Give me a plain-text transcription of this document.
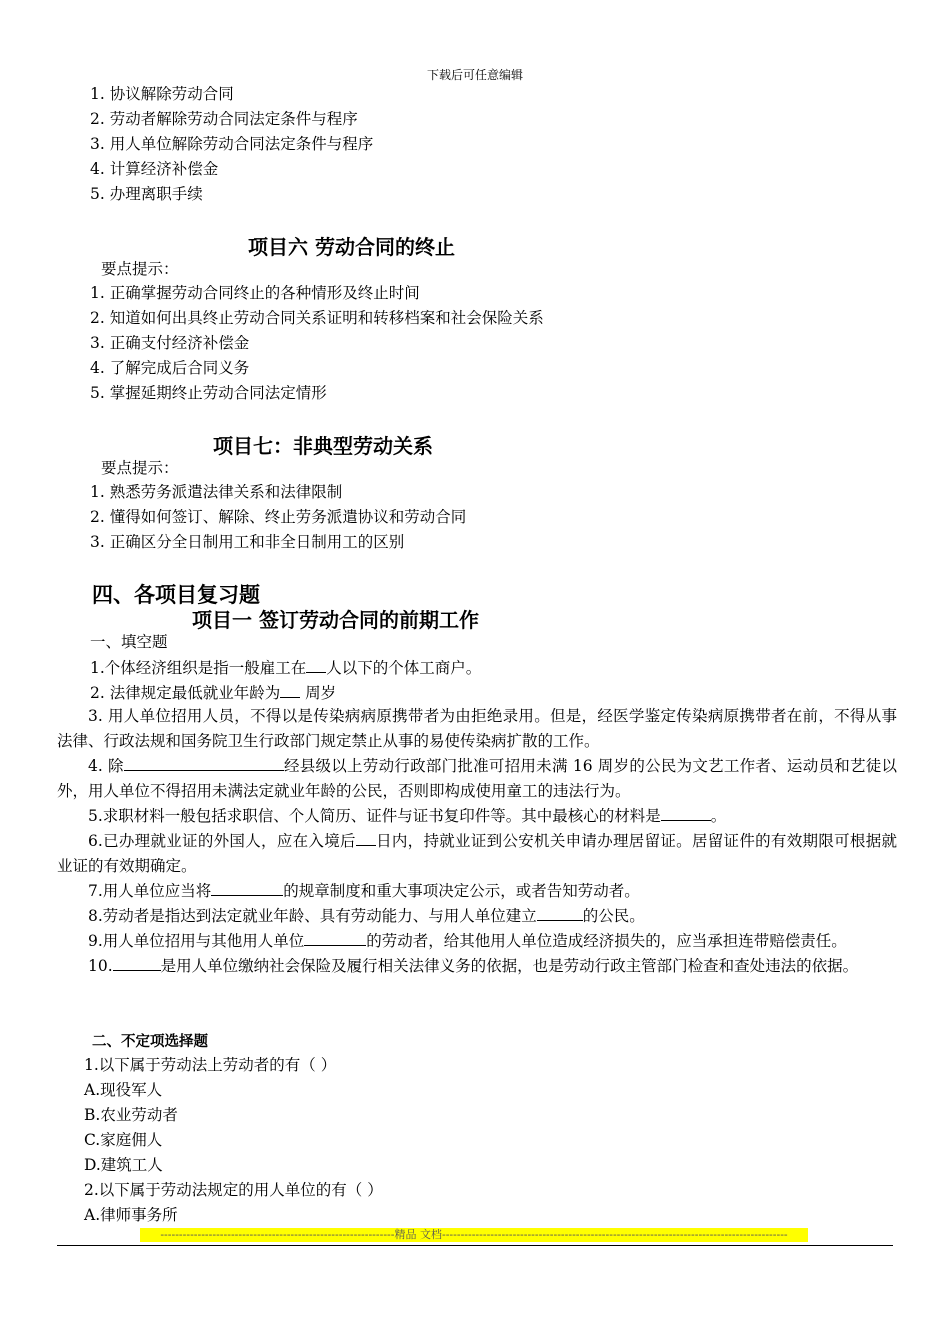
下载后可任意编辑
1. 协议解除劳动合同
2. 劳动者解除劳动合同法定条件与程序
3. 用人单位解除劳动合同法定条件与程序
4. 计算经济补偿金
5. 办理离职手续
项目六 劳动合同的终止
要点提示：
1. 正确掌握劳动合同终止的各种情形及终止时间
2. 知道如何出具终止劳动合同关系证明和转移档案和社会保险关系
3. 正确支付经济补偿金
4. 了解完成后合同义务
5. 掌握延期终止劳动合同法定情形
项目七：非典型劳动关系
要点提示：
1. 熟悉劳务派遣法律关系和法律限制
2. 懂得如何签订、解除、终止劳务派遣协议和劳动合同
3. 正确区分全日制用工和非全日制用工的区别
四、各项目复习题
项目一 签订劳动合同的前期工作
一、填空题
1.个体经济组织是指一般雇工在 人以下的个体工商户。
2. 法律规定最低就业年龄为 周岁
3. 用人单位招用人员，不得以是传染病病原携带者为由拒绝录用。但是，经医学鉴定传染病原携带者在前，不得从事法律、行政法规和国务院卫生行政部门规定禁止从事的易使传染病扩散的工作。
4. 除	经县级以上劳动行政部门批准可招用未满 16 周岁的公民为文艺工作者、运动员和艺徒以外，用人单位不得招用未满法定就业年龄的公民，否则即构成使用童工的违法行为。
5.求职材料一般包括求职信、个人简历、证件与证书复印件等。其中最核心的材料是	。
6.已办理就业证的外国人，应在入境后 日内，持就业证到公安机关申请办理居留证。居留证件的有效期限可根据就业证的有效期确定。
7.用人单位应当将	的规章制度和重大事项决定公示，或者告知劳动者。
8.劳动者是指达到法定就业年龄、具有劳动能力、与用人单位建立	的公民。
9.用人单位招用与其他用人单位	的劳动者，给其他用人单位造成经济损失的，应当承担连带赔偿责任。
10.	是用人单位缴纳社会保险及履行相关法律义务的依据，也是劳动行政主管部门检查和查处违法的依据。
二、不定项选择题
1.以下属于劳动法上劳动者的有（ ）
A.现役军人
B.农业劳动者
C.家庭佣人
D.建筑工人
2.以下属于劳动法规定的用人单位的有（ ）
A.律师事务所
---------------------------------------------------------------精品 文档---------------------------------------------------------------------------------------------
